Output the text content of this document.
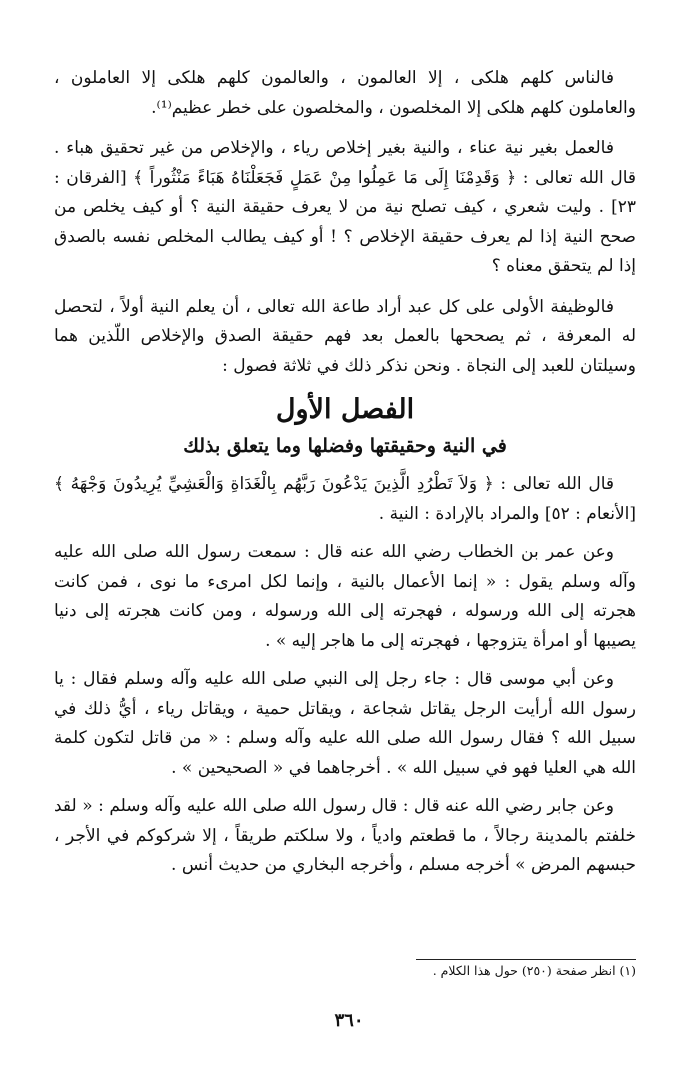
فالناس كلهم هلكى ، إلا العالمون ، والعالمون كلهم هلكى إلا العاملون ، والعاملون كلهم هلكى إلا المخلصون ، والمخلصون على خطر عظيم⁽¹⁾.

فالعمل بغير نية عناء ، والنية بغير إخلاص رياء ، والإخلاص من غير تحقيق هباء . قال الله تعالى : ﴿ وَقَدِمْنَا إِلَى مَا عَمِلُوا مِنْ عَمَلٍ فَجَعَلْنَاهُ هَبَاءً مَنْثُوراً ﴾ [الفرقان : ٢٣] . وليت شعري ، كيف تصلح نية من لا يعرف حقيقة النية ؟ أو كيف يخلص من صحح النية إذا لم يعرف حقيقة الإخلاص ؟ ! أو كيف يطالب المخلص نفسه بالصدق إذا لم يتحقق معناه ؟

فالوظيفة الأولى على كل عبد أراد طاعة الله تعالى ، أن يعلم النية أولاً ، لتحصل له المعرفة ، ثم يصححها بالعمل بعد فهم حقيقة الصدق والإخلاص اللّذين هما وسيلتان للعبد إلى النجاة . ونحن نذكر ذلك في ثلاثة فصول :

الفصل الأول
في النية وحقيقتها وفضلها وما يتعلق بذلك

قال الله تعالى : ﴿ وَلاَ تَطْرُدِ الَّذِينَ يَدْعُونَ رَبَّهُم بِالْغَدَاةِ وَالْعَشِيِّ يُرِيدُونَ وَجْهَهُ ﴾ [الأنعام : ٥٢] والمراد بالإرادة : النية .

وعن عمر بن الخطاب رضي الله عنه قال : سمعت رسول الله صلى الله عليه وآله وسلم يقول : « إنما الأعمال بالنية ، وإنما لكل امرىء ما نوى ، فمن كانت هجرته إلى الله ورسوله ، فهجرته إلى الله ورسوله ، ومن كانت هجرته إلى دنيا يصيبها أو امرأة يتزوجها ، فهجرته إلى ما هاجر إليه » .

وعن أبي موسى قال : جاء رجل إلى النبي صلى الله عليه وآله وسلم فقال : يا رسول الله أرأيت الرجل يقاتل شجاعة ، ويقاتل حمية ، ويقاتل رياء ، أيُّ ذلك في سبيل الله ؟ فقال رسول الله صلى الله عليه وآله وسلم : « من قاتل لتكون كلمة الله هي العليا فهو في سبيل الله » . أخرجاهما في « الصحيحين » .

وعن جابر رضي الله عنه قال : قال رسول الله صلى الله عليه وآله وسلم : « لقد خلفتم بالمدينة رجالاً ، ما قطعتم وادياً ، ولا سلكتم طريقاً ، إلا شركوكم في الأجر ، حبسهم المرض » أخرجه مسلم ، وأخرجه البخاري من حديث أنس .

(١) انظر صفحة (٢٥٠) حول هذا الكلام .
٣٦٠
